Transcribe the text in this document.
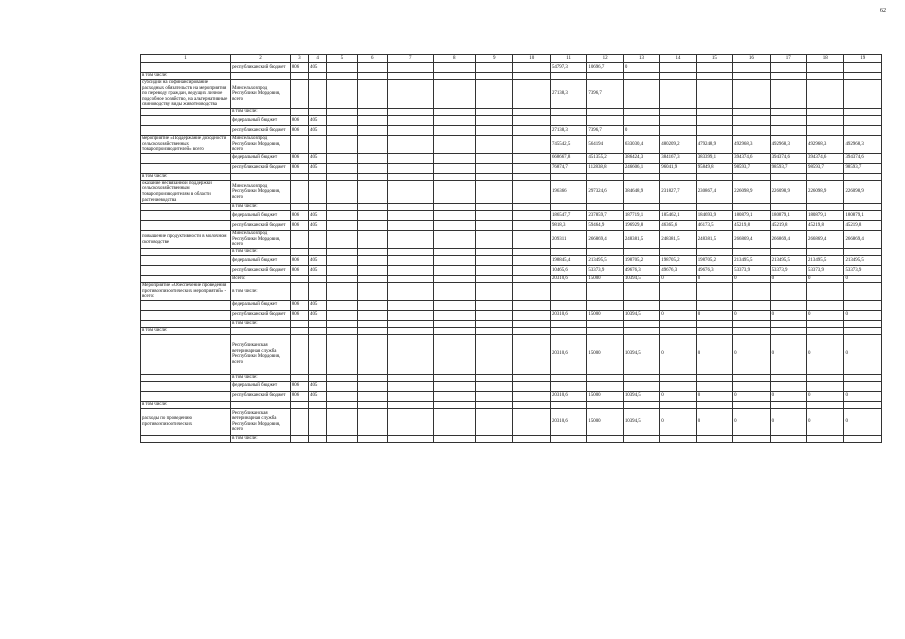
62
1	2	3	4	5	6	7	8	9	10	11	12	13	14	15	16	17	18	19
	республиканский бюджет	806	405							54797,3	10696,7	0						
в том числе:																		
субсидии на софинансирование расходных обязательств на мероприятия по переводу граждан, ведущих личное подсобное хозяйство, на альтернативные свиноводству виды животноводства	Минсельхозпрод Республики Мордовия, всего									27138,3	7396,7							
	в том числе:																	
	федеральный бюджет	806	405															
	республиканский бюджет	806	405							27138,3	7396,7	0						
мероприятие «Поддержание доходности сельскохозяйственных товаропроизводителей» всего	Минсельхозпрод Республики Мордовия, всего									745542,5	564194	633030,4	480209,2	479248,9	492968,3	492968,3	492968,3	492968,3
	федеральный бюджет	806	405							668667,8	451355,2	386424,3	384167,3	383399,1	394374,6	394374,6	394374,6	394374,6
	республиканский бюджет	806	405							76874,7	112838,8	246606,1	96041,9	95849,8	98593,7	98593,7	98593,7	98593,7
в том числе:																		
оказание несвязанной поддержки сельскохозяйственным товаропроизводителям в области растениеводства	Минсельхозпрод Республики Мордовия, всего									196366	297324,6	384648,9	231827,7	230867,4	226098,9	226098,9	226098,9	226098,9
	в том числе:																	
	федеральный бюджет	806	405							186547,7	237859,7	187719,1	185462,1	184693,9	180879,1	180879,1	180879,1	180879,1
	республиканский бюджет	806	405							9818,3	59464,9	196929,8	46365,6	46173,5	45219,8	45219,8	45219,8	45219,8
повышение продуктивности в молочном скотоводстве	Минсельхозпрод Республики Мордовия, всего									209311	266869,4	248381,5	248381,5	248381,5	266869,4	266869,4	266869,4	266869,4
	в том числе:																	
	федеральный бюджет	806	405							198845,4	213495,5	198705,2	198705,2	198705,2	213495,5	213495,5	213495,5	213495,5
	республиканский бюджет	806	405							10465,6	53373,9	49676,3	49676,3	49676,3	53373,9	53373,9	53373,9	53373,9
	Всего:									20310,6	15000	10394,5	0	0	0	0	0	0
Мероприятие «Обеспечение проведения противоэпизоотических мероприятий» - всего:	в том числе:																	
	федеральный бюджет	806	405															
	республиканский бюджет	806	405							20310,6	15000	10394,5	0	0	0	0	0	0
	в том числе:																	
в том числе:																		
	Республиканская ветеринарная служба Республики Мордовия, всего									20310,6	15000	10394,5	0	0	0	0	0	0
	в том числе:																	
	федеральный бюджет	806	405															
	республиканский бюджет	806	405							20310,6	15000	10394,5	0	0	0	0	0	0
в том числе:																		
расходы по проведению противоэпизоотических	Республиканская ветеринарная служба Республики Мордовия, всего									20310,6	15000	10394,5	0	0	0	0	0	0
	в том числе:																	
